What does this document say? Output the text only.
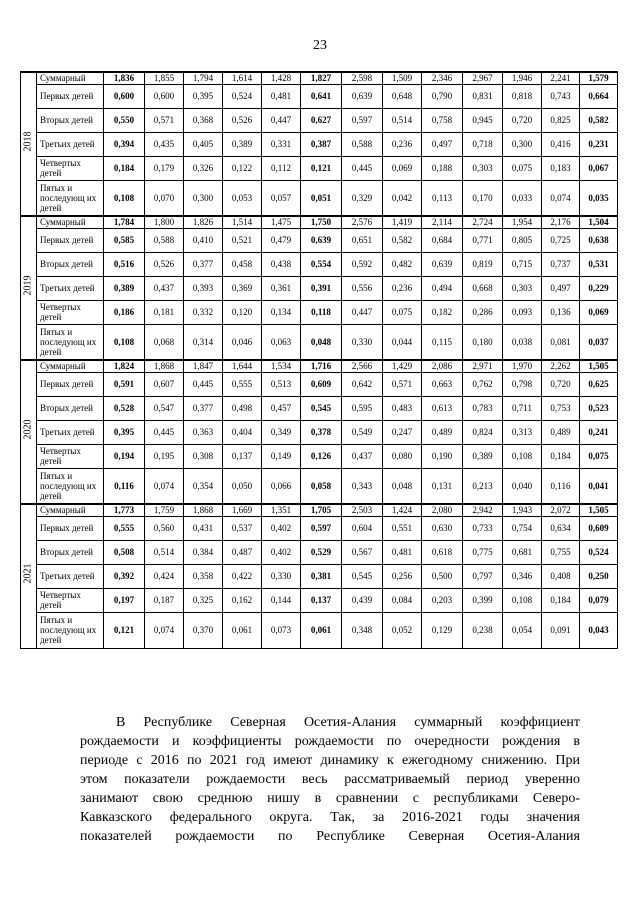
23
2018	Суммарный	1,836	1,855	1,794	1,614	1,428	1,827	2,598	1,509	2,346	2,967	1,946	2,241	1,579
	Первых детей	0,600	0,600	0,395	0,524	0,481	0,641	0,639	0,648	0,790	0,831	0,818	0,743	0,664
	Вторых детей	0,550	0,571	0,368	0,526	0,447	0,627	0,597	0,514	0,758	0,945	0,720	0,825	0,582
	Третьих детей	0,394	0,435	0,405	0,389	0,331	0,387	0,588	0,236	0,497	0,718	0,300	0,416	0,231
	Четвертых детей	0,184	0,179	0,326	0,122	0,112	0,121	0,445	0,069	0,188	0,303	0,075	0,183	0,067
	Пятых и последующ их детей	0,108	0,070	0,300	0,053	0,057	0,051	0,329	0,042	0,113	0,170	0,033	0,074	0,035

2019	Суммарный	1,784	1,800	1,826	1,514	1,475	1,750	2,576	1,419	2,114	2,724	1,954	2,176	1,504
	Первых детей	0,585	0,588	0,410	0,521	0,479	0,639	0,651	0,582	0,684	0,771	0,805	0,725	0,638
	Вторых детей	0,516	0,526	0,377	0,458	0,438	0,554	0,592	0,482	0,639	0,819	0,715	0,737	0,531
	Третьих детей	0,389	0,437	0,393	0,369	0,361	0,391	0,556	0,236	0,494	0,668	0,303	0,497	0,229
	Четвертых детей	0,186	0,181	0,332	0,120	0,134	0,118	0,447	0,075	0,182	0,286	0,093	0,136	0,069
	Пятых и последующ их детей	0,108	0,068	0,314	0,046	0,063	0,048	0,330	0,044	0,115	0,180	0,038	0,081	0,037

2020	Суммарный	1,824	1,868	1,847	1,644	1,534	1,716	2,566	1,429	2,086	2,971	1,970	2,262	1,505
	Первых детей	0,591	0,607	0,445	0,555	0,513	0,609	0,642	0,571	0,663	0,762	0,798	0,720	0,625
	Вторых детей	0,528	0,547	0,377	0,498	0,457	0,545	0,595	0,483	0,613	0,783	0,711	0,753	0,523
	Третьих детей	0,395	0,445	0,363	0,404	0,349	0,378	0,549	0,247	0,489	0,824	0,313	0,489	0,241
	Четвертых детей	0,194	0,195	0,308	0,137	0,149	0,126	0,437	0,080	0,190	0,389	0,108	0,184	0,075
	Пятых и последующ их детей	0,116	0,074	0,354	0,050	0,066	0,058	0,343	0,048	0,131	0,213	0,040	0,116	0,041

2021	Суммарный	1,773	1,759	1,868	1,669	1,351	1,705	2,503	1,424	2,080	2,942	1,943	2,072	1,505
	Первых детей	0,555	0,560	0,431	0,537	0,402	0,597	0,604	0,551	0,630	0,733	0,754	0,634	0,609
	Вторых детей	0,508	0,514	0,384	0,487	0,402	0,529	0,567	0,481	0,618	0,775	0,681	0,755	0,524
	Третьих детей	0,392	0,424	0,358	0,422	0,330	0,381	0,545	0,256	0,500	0,797	0,346	0,408	0,250
	Четвертых детей	0,197	0,187	0,325	0,162	0,144	0,137	0,439	0,084	0,203	0,399	0,108	0,184	0,079
	Пятых и последующ их детей	0,121	0,074	0,370	0,061	0,073	0,061	0,348	0,052	0,129	0,238	0,054	0,091	0,043
В Республике Северная Осетия-Алания суммарный коэффициент
рождаемости и коэффициенты рождаемости по очередности рождения в
периоде с 2016 по 2021 год имеют динамику к ежегодному снижению. При
этом показатели рождаемости весь рассматриваемый период уверенно
занимают свою среднюю нишу в сравнении с республиками Северо-
Кавказского федерального округа. Так, за 2016-2021 годы значения
показателей рождаемости по Республике Северная Осетия-Алания
